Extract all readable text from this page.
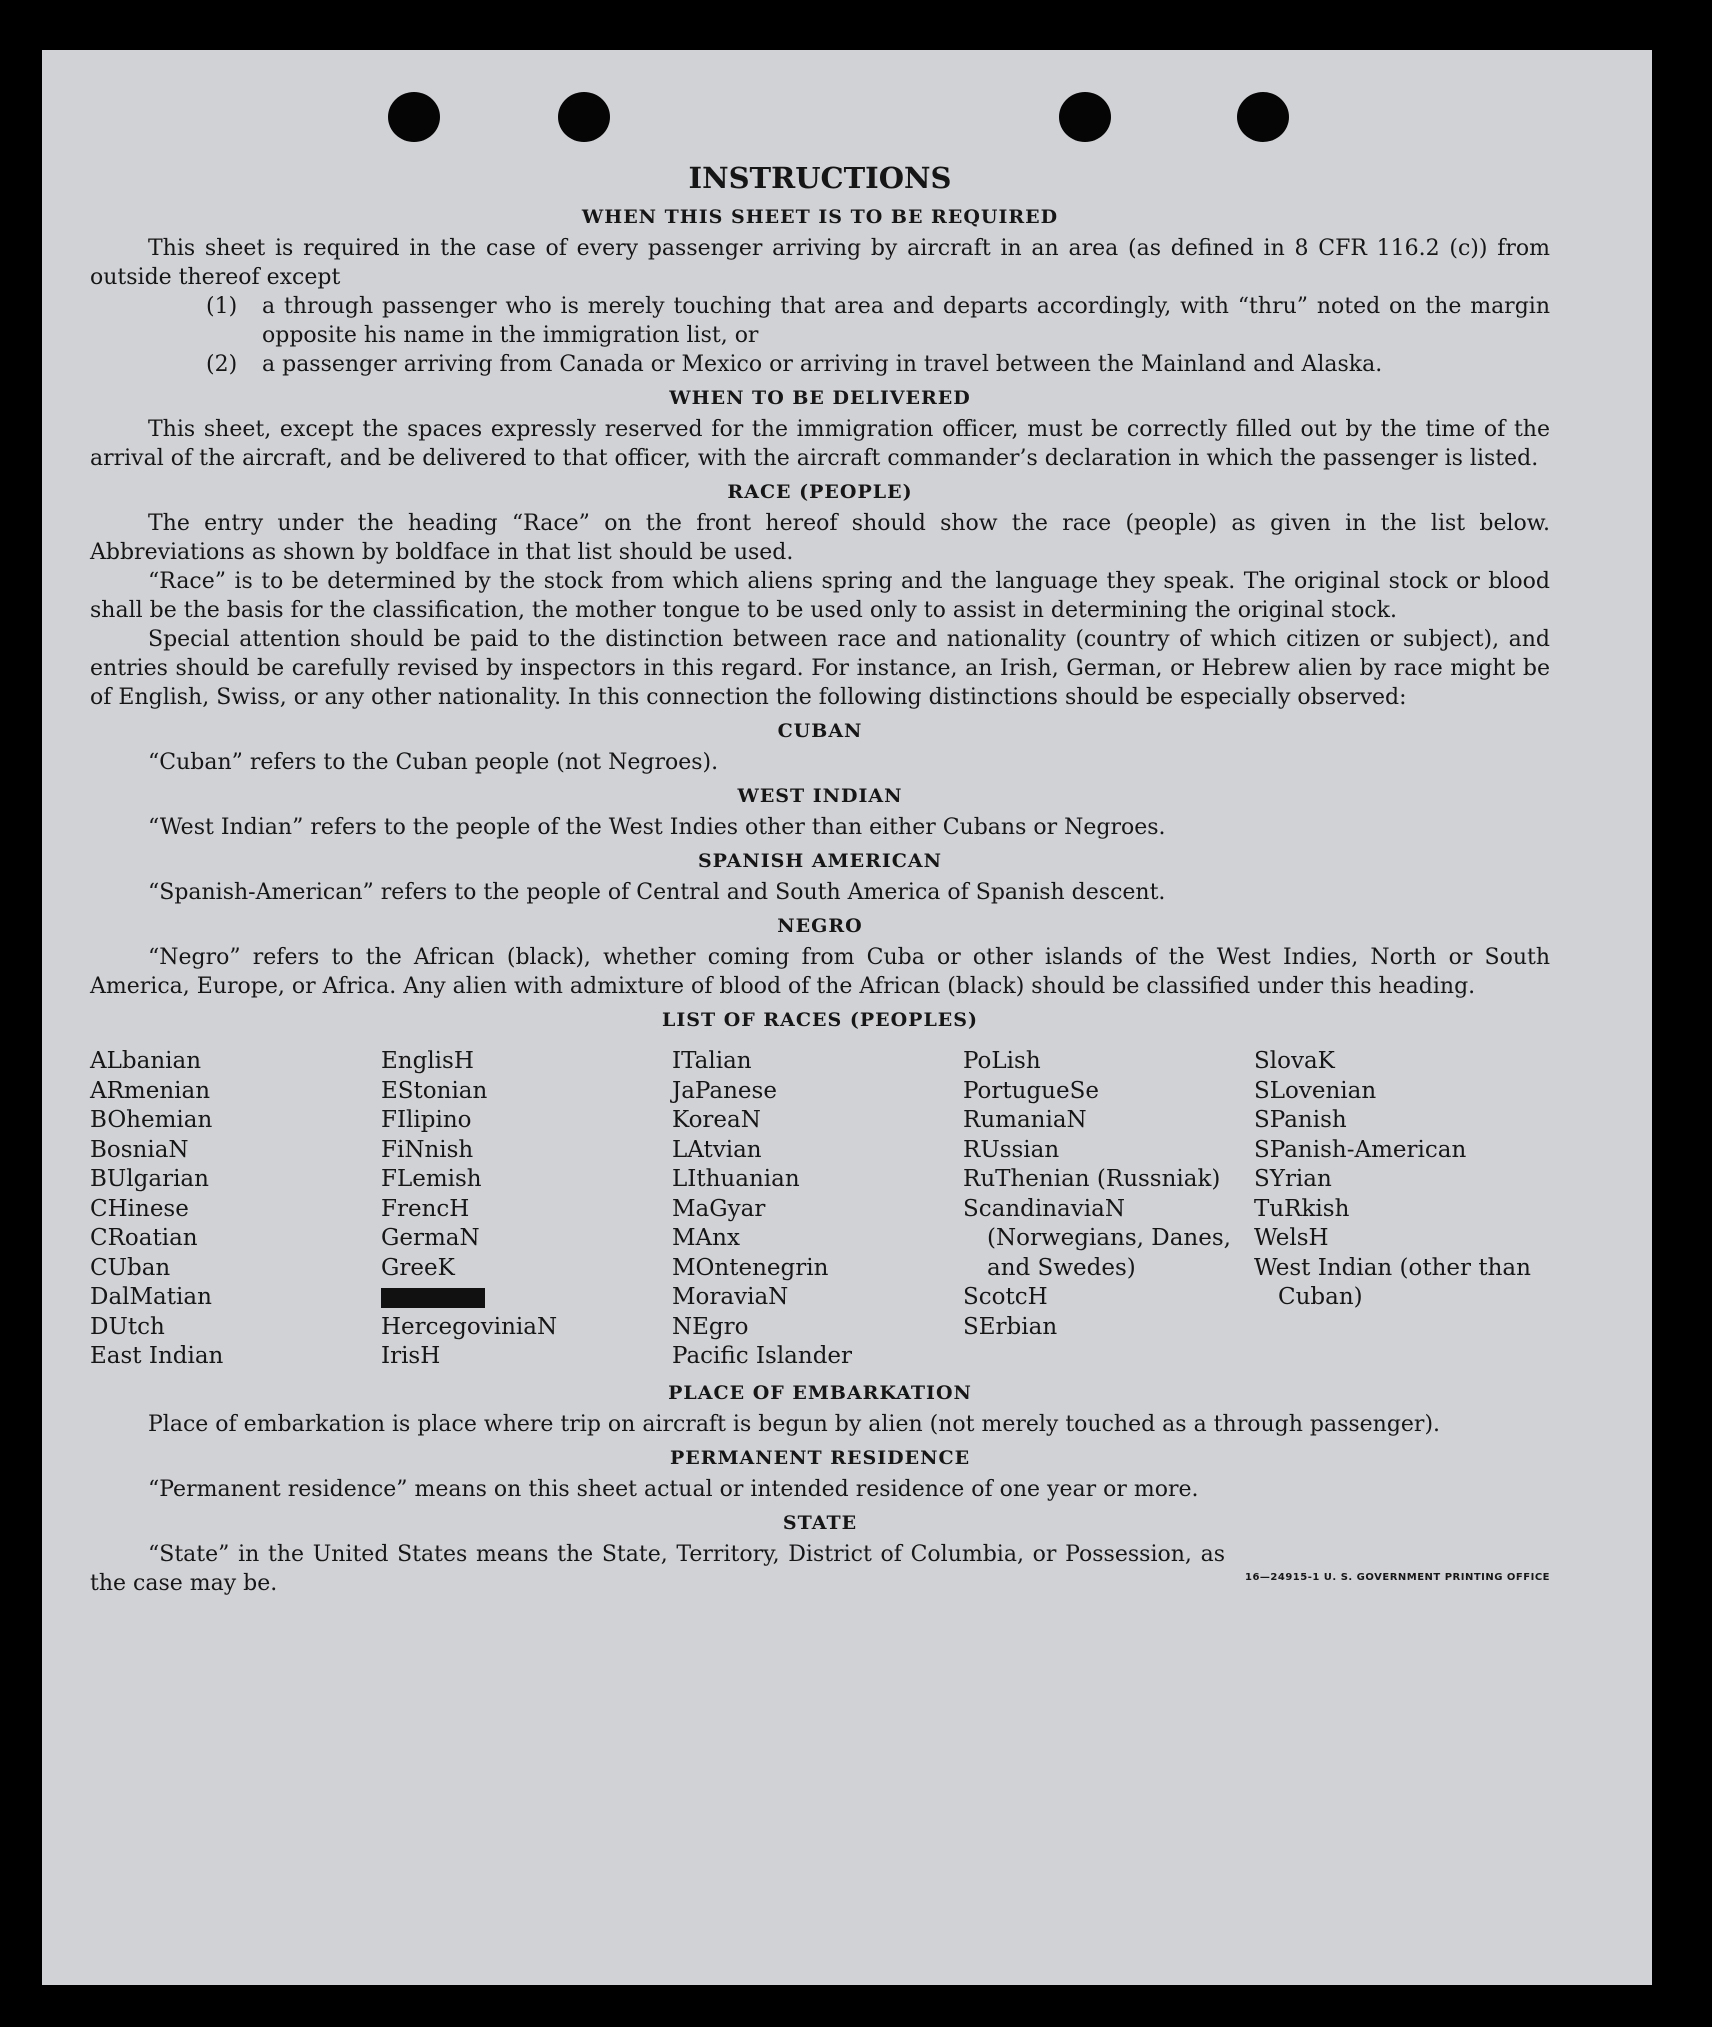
INSTRUCTIONS
WHEN THIS SHEET IS TO BE REQUIRED

This sheet is required in the case of every passenger arriving by aircraft in an area (as defined in 8 CFR 116.2 (c)) from outside thereof except

(1)	a through passenger who is merely touching that area and departs accordingly, with “thru” noted on the margin opposite his name in the immigration list, or
(2)	a passenger arriving from Canada or Mexico or arriving in travel between the Mainland and Alaska.
WHEN TO BE DELIVERED

This sheet, except the spaces expressly reserved for the immigration officer, must be correctly filled out by the time of the arrival of the aircraft, and be delivered to that officer, with the aircraft commander’s declaration in which the passenger is listed.

RACE (PEOPLE)

The entry under the heading “Race” on the front hereof should show the race (people) as given in the list below. Abbreviations as shown by boldface in that list should be used.

“Race” is to be determined by the stock from which aliens spring and the language they speak. The original stock or blood shall be the basis for the classification, the mother tongue to be used only to assist in determining the original stock.

Special attention should be paid to the distinction between race and nationality (country of which citizen or subject), and entries should be carefully revised by inspectors in this regard. For instance, an Irish, German, or Hebrew alien by race might be of English, Swiss, or any other nationality. In this connection the following distinctions should be especially observed:

CUBAN

“Cuban” refers to the Cuban people (not Negroes).

WEST INDIAN

“West Indian” refers to the people of the West Indies other than either Cubans or Negroes.

SPANISH AMERICAN

“Spanish-American” refers to the people of Central and South America of Spanish descent.

NEGRO

“Negro” refers to the African (black), whether coming from Cuba or other islands of the West Indies, North or South America, Europe, or Africa. Any alien with admixture of blood of the African (black) should be classified under this heading.

LIST OF RACES (PEOPLES)
ALbanian
ARmenian
BOhemian
BosniaN
BUlgarian
CHinese
CRoatian
CUban
DalMatian
DUtch
East Indian
EnglisH
EStonian
FIlipino
FiNnish
FLemish
FrencH
GermaN
GreeK
HercegoviniaN
IrisH
ITalian
JaPanese
KoreaN
LAtvian
LIthuanian
MaGyar
MAnx
MOntenegrin
MoraviaN
NEgro
Pacific Islander
PoLish
PortugueSe
RumaniaN
RUssian
RuThenian (Russniak)
ScandinaviaN (Norwegians, Danes, and Swedes)
ScotcH
SErbian
SlovaK
SLovenian
SPanish
SPanish-American
SYrian
TuRkish
WelsH
West Indian (other than Cuban)
PLACE OF EMBARKATION

Place of embarkation is place where trip on aircraft is begun by alien (not merely touched as a through passenger).

PERMANENT RESIDENCE

“Permanent residence” means on this sheet actual or intended residence of one year or more.

STATE

“State” in the United States means the State, Territory, District of Columbia, or Possession, as the case may be.	16—24915-1 U. S. GOVERNMENT PRINTING OFFICE
